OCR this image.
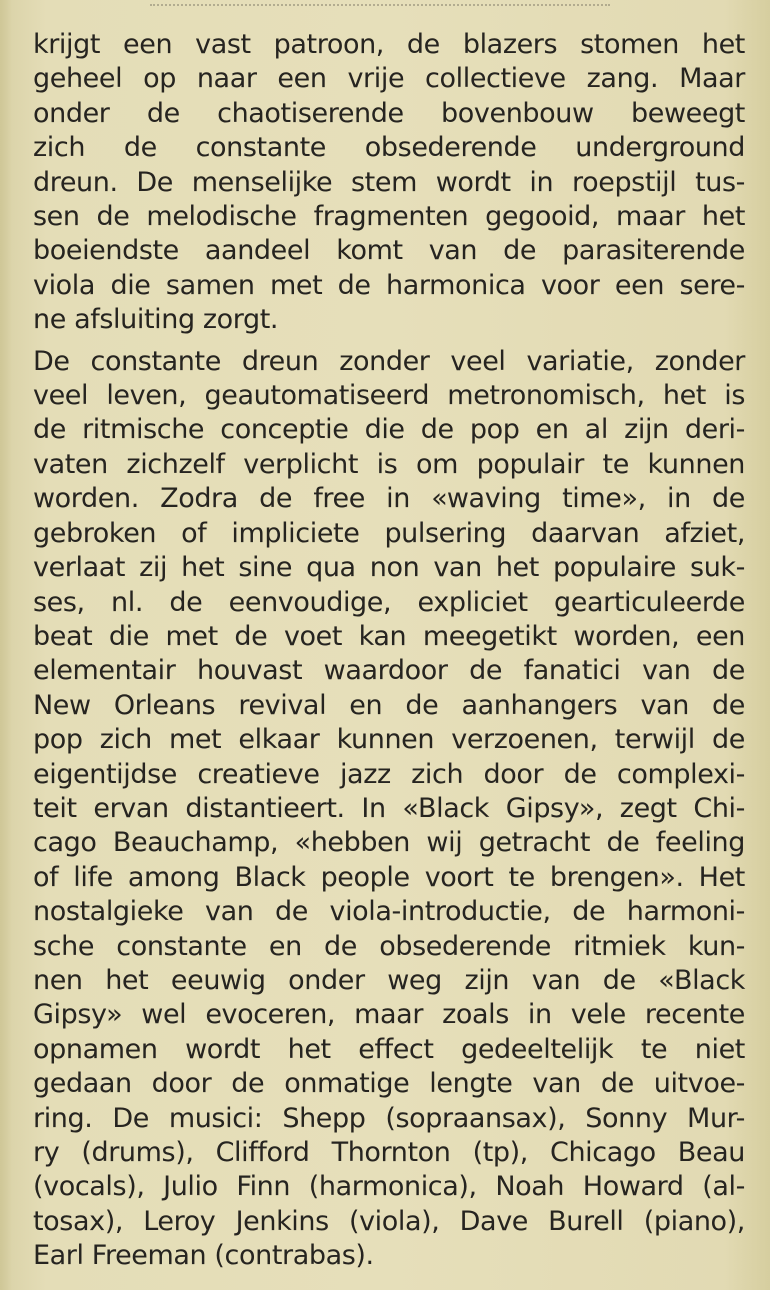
krijgt een vast patroon, de blazers stomen het
geheel op naar een vrije collectieve zang. Maar
onder de chaotiserende bovenbouw beweegt
zich de constante obsederende underground
dreun. De menselijke stem wordt in roepstijl tus-
sen de melodische fragmenten gegooid, maar het
boeiendste aandeel komt van de parasiterende
viola die samen met de harmonica voor een sere-
ne afsluiting zorgt.

De constante dreun zonder veel variatie, zonder
veel leven, geautomatiseerd metronomisch, het is
de ritmische conceptie die de pop en al zijn deri-
vaten zichzelf verplicht is om populair te kunnen
worden. Zodra de free in «waving time», in de
gebroken of impliciete pulsering daarvan afziet,
verlaat zij het sine qua non van het populaire suk-
ses, nl. de eenvoudige, expliciet gearticuleerde
beat die met de voet kan meegetikt worden, een
elementair houvast waardoor de fanatici van de
New Orleans revival en de aanhangers van de
pop zich met elkaar kunnen verzoenen, terwijl de
eigentijdse creatieve jazz zich door de complexi-
teit ervan distantieert. In «Black Gipsy», zegt Chi-
cago Beauchamp, «hebben wij getracht de feeling
of life among Black people voort te brengen». Het
nostalgieke van de viola-introductie, de harmoni-
sche constante en de obsederende ritmiek kun-
nen het eeuwig onder weg zijn van de «Black
Gipsy» wel evoceren, maar zoals in vele recente
opnamen wordt het effect gedeeltelijk te niet
gedaan door de onmatige lengte van de uitvoe-
ring. De musici: Shepp (sopraansax), Sonny Mur-
ry (drums), Clifford Thornton (tp), Chicago Beau
(vocals), Julio Finn (harmonica), Noah Howard (al-
tosax), Leroy Jenkins (viola), Dave Burell (piano),
Earl Freeman (contrabas).
